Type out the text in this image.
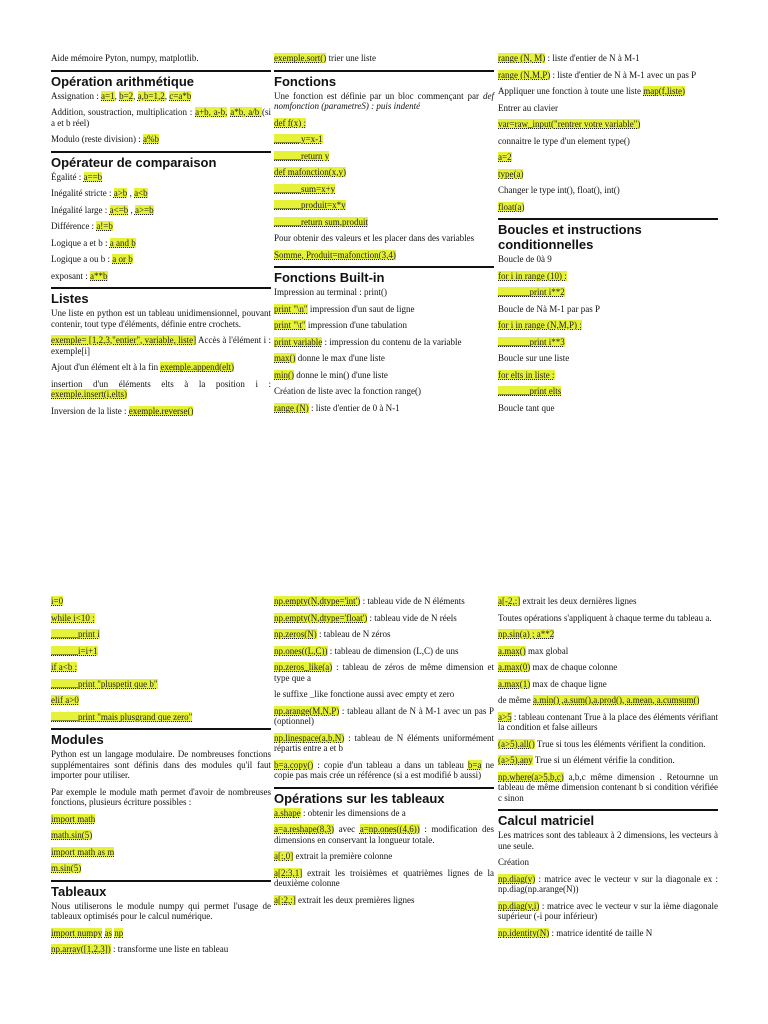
Aide mémoire Pyton, numpy, matplotlib.

Opération arithmétique

Assignation : a=1, b=2, a,b=1,2, c=a*b

Addition, soustraction, multiplication : a+b, a-b, a*b, a/b (si a et b réel)

Modulo (reste division) : a%b

Opérateur de comparaison

Égalité : a==b

Inégalité stricte : a>b , a<b

Inégalité large : a<=b , a>=b

Différence : a!=b

Logique a et b : a and b

Logique a ou b : a or b

exposant : a**b

Listes

Une liste en python est un tableau unidimensionnel, pouvant contenir, tout type d'éléments, définie entre crochets.

exemple= [1,2,3,"entier", variable, liste] Accès à l'élément i : exemple[i]

Ajout d'un élément elt à la fin exemple.append(elt)

insertion d'un éléments elts à la position i : exemple.insert(i,elts)

Inversion de la liste : exemple.reverse()

exemple.sort() trier une liste

Fonctions

Une fonction est définie par un bloc commençant par def nomfonction (parametreS) : puis indenté

def f(x) :

______y=x-1

______return y

def mafonction(x,y)

______sum=x+y

______produit=x*y

______return sum,produit

Pour obtenir des valeurs et les placer dans des variables

Somme, Produit=mafonction(3,4)

Fonctions Built-in

Impression au terminal : print()

print "\n" impression d'un saut de ligne

print "\t" impression d'une tabulation

print variable : impression du contenu de la variable

max() donne le max d'une liste

min() donne le min() d'une liste

Création de liste avec la fonction range()

range (N) : liste d'entier de 0 à N-1

range (N, M) : liste d'entier de N à M-1

range (N,M,P) : liste d'entier de N à M-1 avec un pas P

Appliquer une fonction à toute une liste map(f,liste)

Entrer au clavier

var=raw_input("rentrer votre variable")

connaitre le type d'un element type()

a=2

type(a)

Changer le type int(), float(), int()

float(a)

Boucles et instructions conditionnelles

Boucle de 0à 9

for i in range (10) :

_______print i**2

Boucle de Nà M-1 par pas P

for i in range (N,M,P) :

_______print i**3

Boucle sur une liste

for elts in liste :

_______print elts

Boucle tant que

i=0

while i<10 :

______print i

______i=i+1

if a<b :

______print "pluspetit que b"

elif a>0

______print "mais plusgrand que zero"

Modules

Python est un langage modulaire. De nombreuses fonctions supplémentaires sont définis dans des modules qu'il faut importer pour utiliser.

Par exemple le module math permet d'avoir de nombreuses fonctions, plusieurs écriture possibles :

import math

math.sin(5)

import math as m

m.sin(5)

Tableaux

Nous utiliserons le module numpy qui permet l'usage de tableaux optimisés pour le calcul numérique.

import numpy as np

np.array([1,2,3]) : transforme une liste en tableau

np.empty(N,dtype='int') : tableau vide de N éléments

np.empty(N,dtype='float') : tableau vide de N réels

np.zeros(N) : tableau de N zéros

np.ones((L,C)) : tableau de dimension (L,C) de uns

np.zeros_like(a) : tableau de zéros de même dimension et type que a

le suffixe _like fonctione aussi avec empty et zero

np.arange(M,N,P) : tableau allant de N à M-1 avec un pas P (optionnel)

np.linespace(a,b,N) : tableau de N éléments uniformément répartis entre a et b

b=a.copy() : copie d'un tableau a dans un tableau b=a ne copie pas mais crée un référence (si a est modifié b aussi)

Opérations sur les tableaux

a.shape : obtenir les dimensions de a

a=a.reshape(8,3) avec a=np.ones((4,6)) : modification des dimensions en conservant la longueur totale.

a[:,0] extrait la première colonne

a[2:3,1] extrait les troisièmes et quatrièmes lignes de la deuxième colonne

a[:2,:] extrait les deux premières lignes

a[-2,:] extrait les deux dernières lignes

Toutes opérations s'appliquent à chaque terme du tableau a.

np.sin(a) ; a**2

a.max() max global

a.max(0) max de chaque colonne

a.max(1) max de chaque ligne

de même a.min() ,a.sum(),a.prod(), a.mean, a.cumsum()

a>5 : tableau contenant True à la place des éléments vérifiant la condition et false ailleurs

(a>5).all() True si tous les éléments vérifient la condition.

(a>5).any True si un élément vérifie la condition.

np.where(a>5,b,c) a,b,c même dimension . Retournne un tableau de même dimension contenant b si condition vérifiée c sinon

Calcul matriciel

Les matrices sont des tableaux à 2 dimensions, les vecteurs à une seule.

Création

np.diag(v) : matrice avec le vecteur v sur la diagonale ex : np.diag(np.arange(N))

np.diag(v,i) : matrice avec le vecteur v sur la ième diagonale supérieur (-i pour inférieur)

np.identity(N) : matrice identité de taille N
